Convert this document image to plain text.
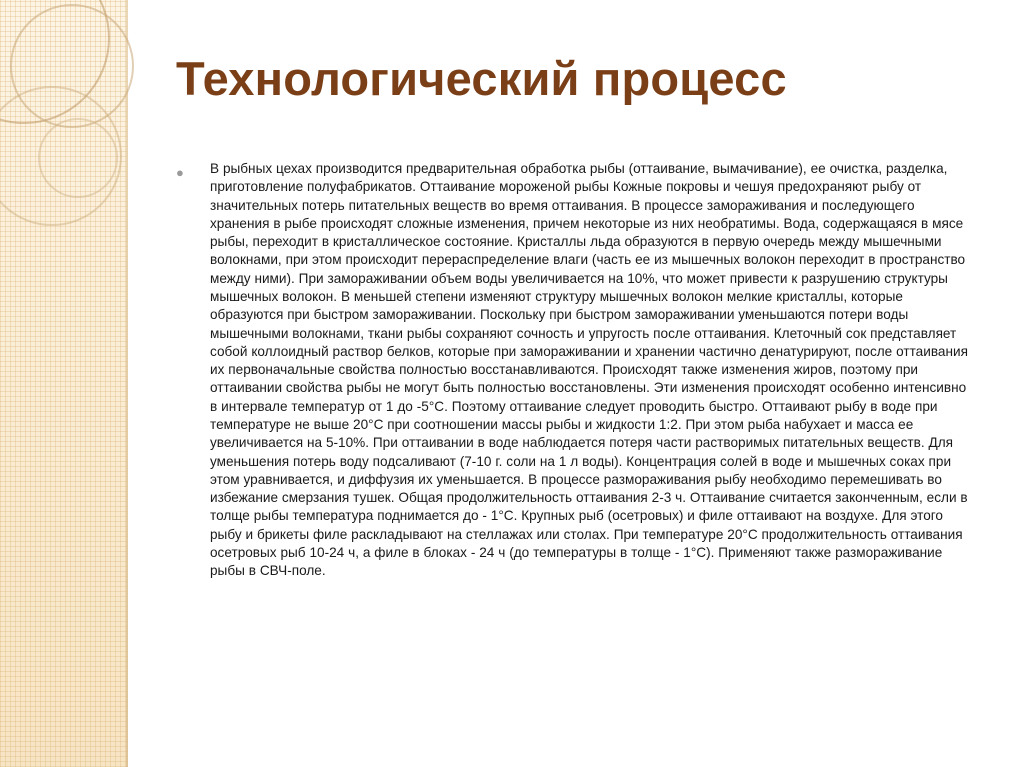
Технологический процесс
●	В рыбных цехах производится предварительная обработка рыбы (оттаивание, вымачивание), ее очистка, разделка, приготовление полуфабрикатов. Оттаивание мороженой рыбы Кожные покровы и чешуя предохраняют рыбу от значительных потерь питательных веществ во время оттаивания. В процессе замораживания и последующего хранения в рыбе происходят сложные изменения, причем некоторые из них необратимы. Вода, содержащаяся в мясе рыбы, переходит в кристаллическое состояние. Кристаллы льда образуются в первую очередь между мышечными волокнами, при этом происходит перераспределение влаги (часть ее из мышечных волокон переходит в пространство между ними). При замораживании объем воды увеличивается на 10%, что может привести к разрушению структуры мышечных волокон. В меньшей степени изменяют структуру мышечных волокон мелкие кристаллы, которые образуются при быстром замораживании. Поскольку при быстром замораживании уменьшаются потери воды мышечными волокнами, ткани рыбы сохраняют сочность и упругость после оттаивания. Клеточный сок представляет собой коллоидный раствор белков, которые при замораживании и хранении частично денатурируют, после оттаивания их первоначальные свойства полностью восстанавливаются. Происходят также изменения жиров, поэтому при оттаивании свойства рыбы не могут быть полностью восстановлены. Эти изменения происходят особенно интенсивно в интервале температур от 1 до -5°С. Поэтому оттаивание следует проводить быстро. Оттаивают рыбу в воде при температуре не выше 20°С при соотношении массы рыбы и жидкости 1:2. При этом рыба набухает и масса ее увеличивается на 5-10%. При оттаивании в воде наблюдается потеря части растворимых питательных веществ. Для уменьшения потерь воду подсаливают (7-10 г. соли на 1 л воды). Концентрация солей в воде и мышечных соках при этом уравнивается, и диффузия их уменьшается. В процессе размораживания рыбу необходимо перемешивать во избежание смерзания тушек. Общая продолжительность оттаивания 2-3 ч. Оттаивание считается законченным, если в толще рыбы температура поднимается до - 1°С. Крупных рыб (осетровых) и филе оттаивают на воздухе. Для этого рыбу и брикеты филе раскладывают на стеллажах или столах. При температуре 20°С продолжительность оттаивания осетровых рыб 10-24 ч, а филе в блоках - 24 ч (до температуры в толще - 1°С). Применяют также размораживание рыбы в СВЧ-поле.
